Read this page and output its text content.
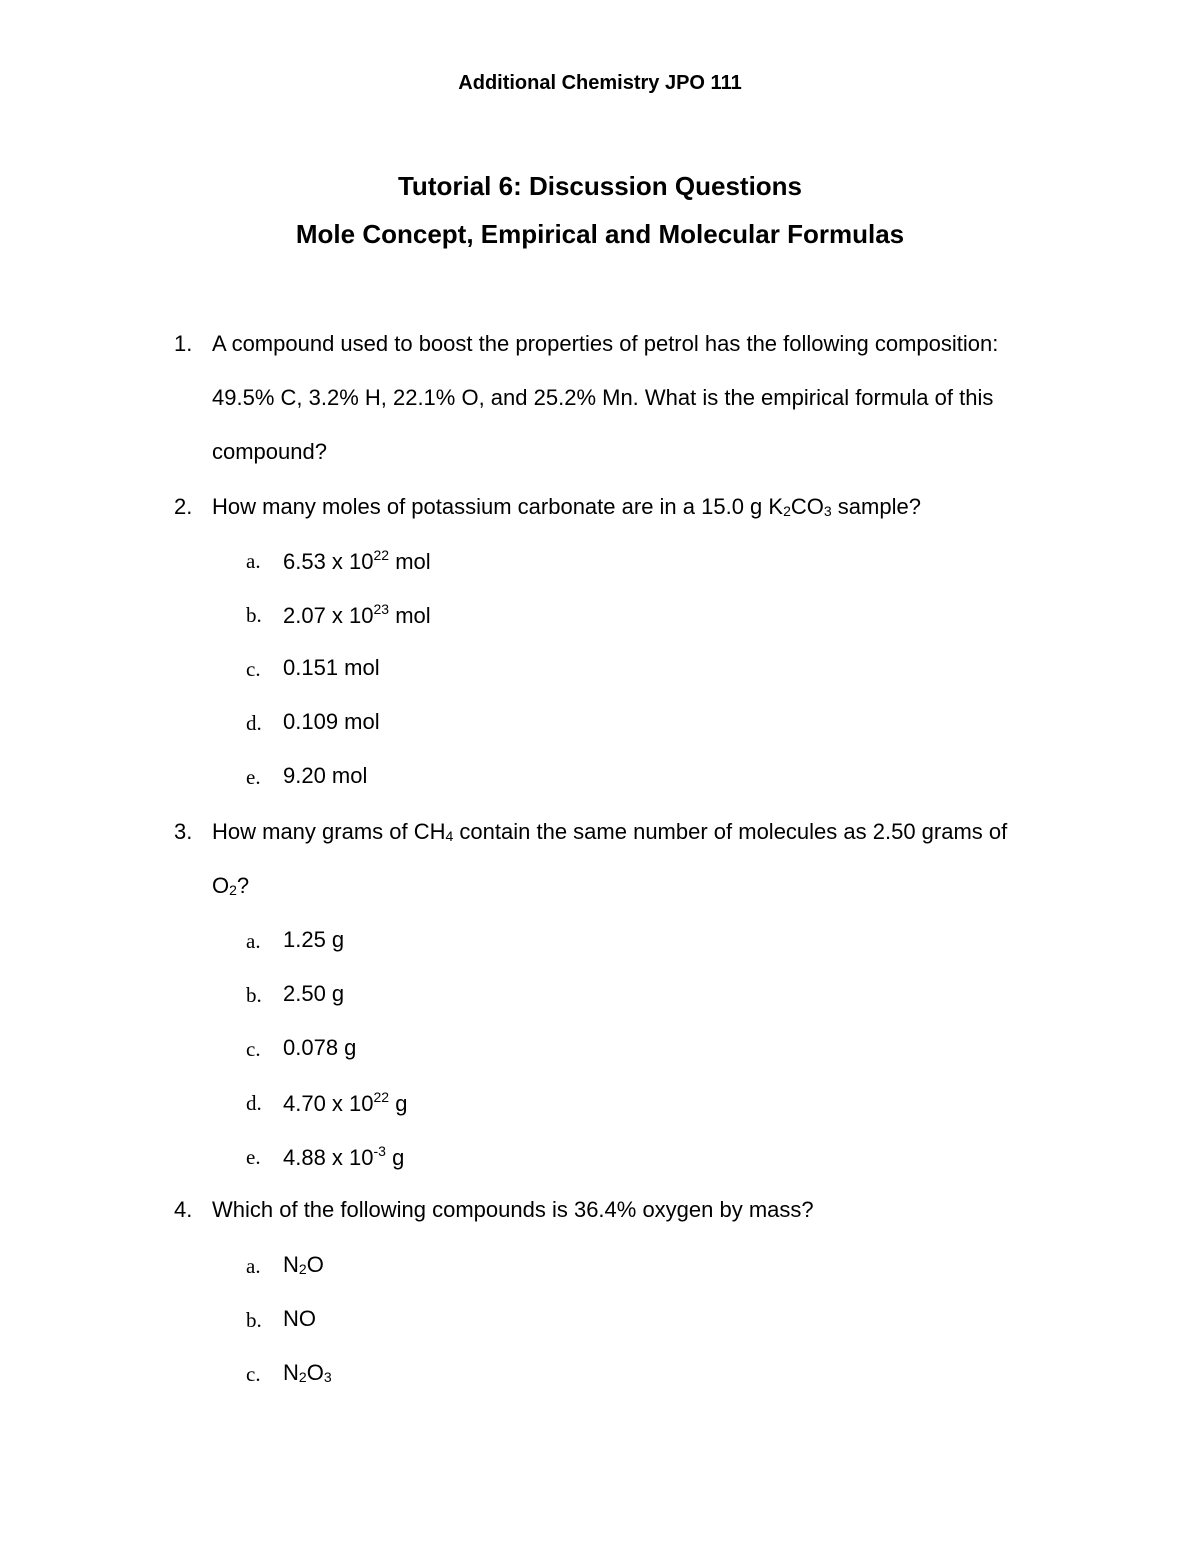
Additional Chemistry JPO 111
Tutorial 6: Discussion Questions
Mole Concept, Empirical and Molecular Formulas
1. A compound used to boost the properties of petrol has the following composition:
49.5% C, 3.2% H, 22.1% O, and 25.2% Mn. What is the empirical formula of this
compound?
2. How many moles of potassium carbonate are in a 15.0 g $K_2CO_3$ sample?
a. 6.53 x $10^{22}$ mol
b. 2.07 x $10^{23}$ mol
c. 0.151 mol
d. 0.109 mol
e. 9.20 mol
3. How many grams of $CH_4$ contain the same number of molecules as 2.50 grams of
$O_2$?
a. 1.25 g
b. 2.50 g
c. 0.078 g
d. 4.70 x $10^{22}$ g
e. 4.88 x $10^{-3}$ g
4. Which of the following compounds is 36.4% oxygen by mass?
a. $N_2O$
b. NO
c. $N_2O_3$
